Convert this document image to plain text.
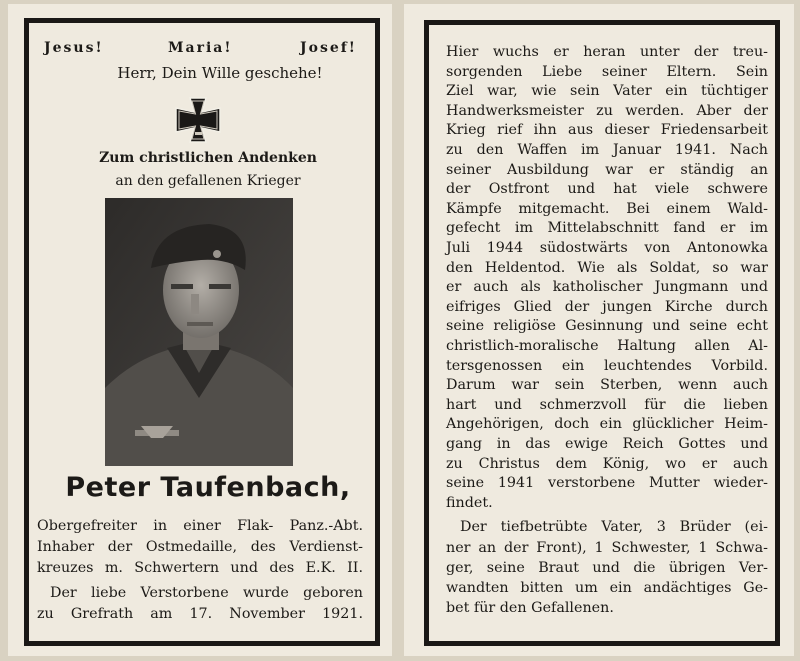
Jesus!	Maria!	Josef!
Herr, Dein Wille geschehe!
Zum christlichen Andenken
an den gefallenen Krieger
Peter Taufenbach,
Obergefreiter in einer Flak- Panz.-Abt.
Inhaber der Ostmedaille, des Verdienst-
kreuzes m. Schwertern und des E.K. II.
Der liebe Verstorbene wurde geboren
zu Grefrath am 17. November 1921.
Hier wuchs er heran unter der treu-
sorgenden Liebe seiner Eltern. Sein
Ziel war, wie sein Vater ein tüchtiger
Handwerksmeister zu werden. Aber der
Krieg rief ihn aus dieser Friedensarbeit
zu den Waffen im Januar 1941. Nach
seiner Ausbildung war er ständig an
der Ostfront und hat viele schwere
Kämpfe mitgemacht. Bei einem Wald-
gefecht im Mittelabschnitt fand er im
Juli 1944 südostwärts von Antonowka
den Heldentod. Wie als Soldat, so war
er auch als katholischer Jungmann und
eifriges Glied der jungen Kirche durch
seine religiöse Gesinnung und seine echt
christlich-moralische Haltung allen Al-
tersgenossen ein leuchtendes Vorbild.
Darum war sein Sterben, wenn auch
hart und schmerzvoll für die lieben
Angehörigen, doch ein glücklicher Heim-
gang in das ewige Reich Gottes und
zu Christus dem König, wo er auch
seine 1941 verstorbene Mutter wieder-
findet.
Der tiefbetrübte Vater, 3 Brüder (ei-
ner an der Front), 1 Schwester, 1 Schwa-
ger, seine Braut und die übrigen Ver-
wandten bitten um ein andächtiges Ge-
bet für den Gefallenen.
